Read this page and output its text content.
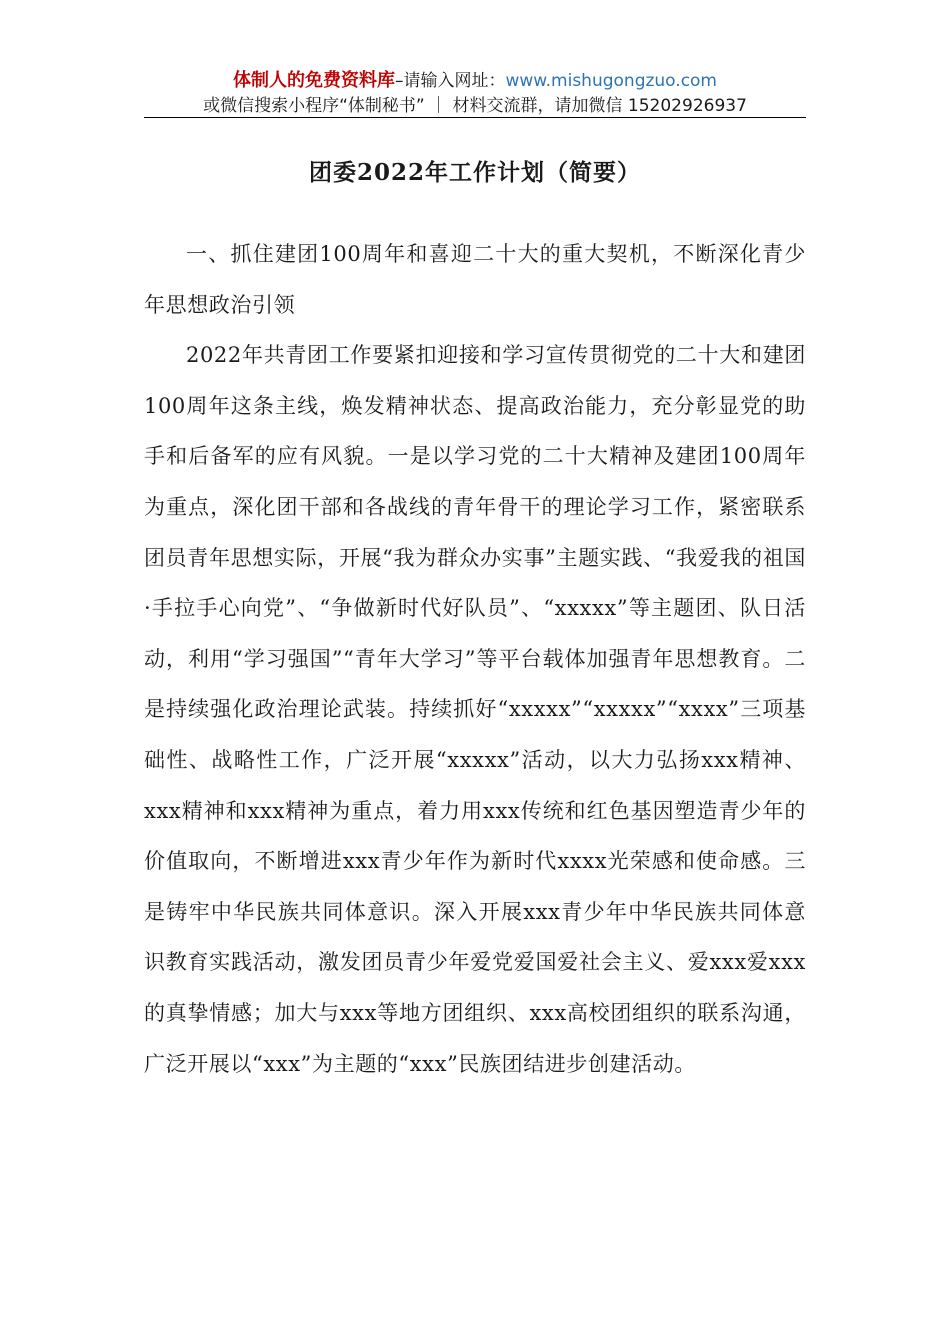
体制人的免费资料库–请输入网址：www.mishugongzuo.com
或微信搜索小程序“体制秘书” ｜ 材料交流群，请加微信 15202926937
团委2022年工作计划（简要）

一、抓住建团100周年和喜迎二十大的重大契机，不断深化青少年思想政治引领

2022年共青团工作要紧扣迎接和学习宣传贯彻党的二十大和建团100周年这条主线，焕发精神状态、提高政治能力，充分彰显党的助手和后备军的应有风貌。一是以学习党的二十大精神及建团100周年为重点，深化团干部和各战线的青年骨干的理论学习工作，紧密联系团员青年思想实际，开展“我为群众办实事”主题实践、“我爱我的祖国·手拉手心向党”、“争做新时代好队员”、“xxxxx”等主题团、队日活动，利用“学习强国”“青年大学习”等平台载体加强青年思想教育。二是持续强化政治理论武装。持续抓好“xxxxx”“xxxxx”“xxxx”三项基础性、战略性工作，广泛开展“xxxxx”活动，以大力弘扬xxx精神、xxx精神和xxx精神为重点，着力用xxx传统和红色基因塑造青少年的价值取向，不断增进xxx青少年作为新时代xxxx光荣感和使命感。三是铸牢中华民族共同体意识。深入开展xxx青少年中华民族共同体意识教育实践活动，激发团员青少年爱党爱国爱社会主义、爱xxx爱xxx的真挚情感；加大与xxx等地方团组织、xxx高校团组织的联系沟通，广泛开展以“xxx”为主题的“xxx”民族团结进步创建活动。
